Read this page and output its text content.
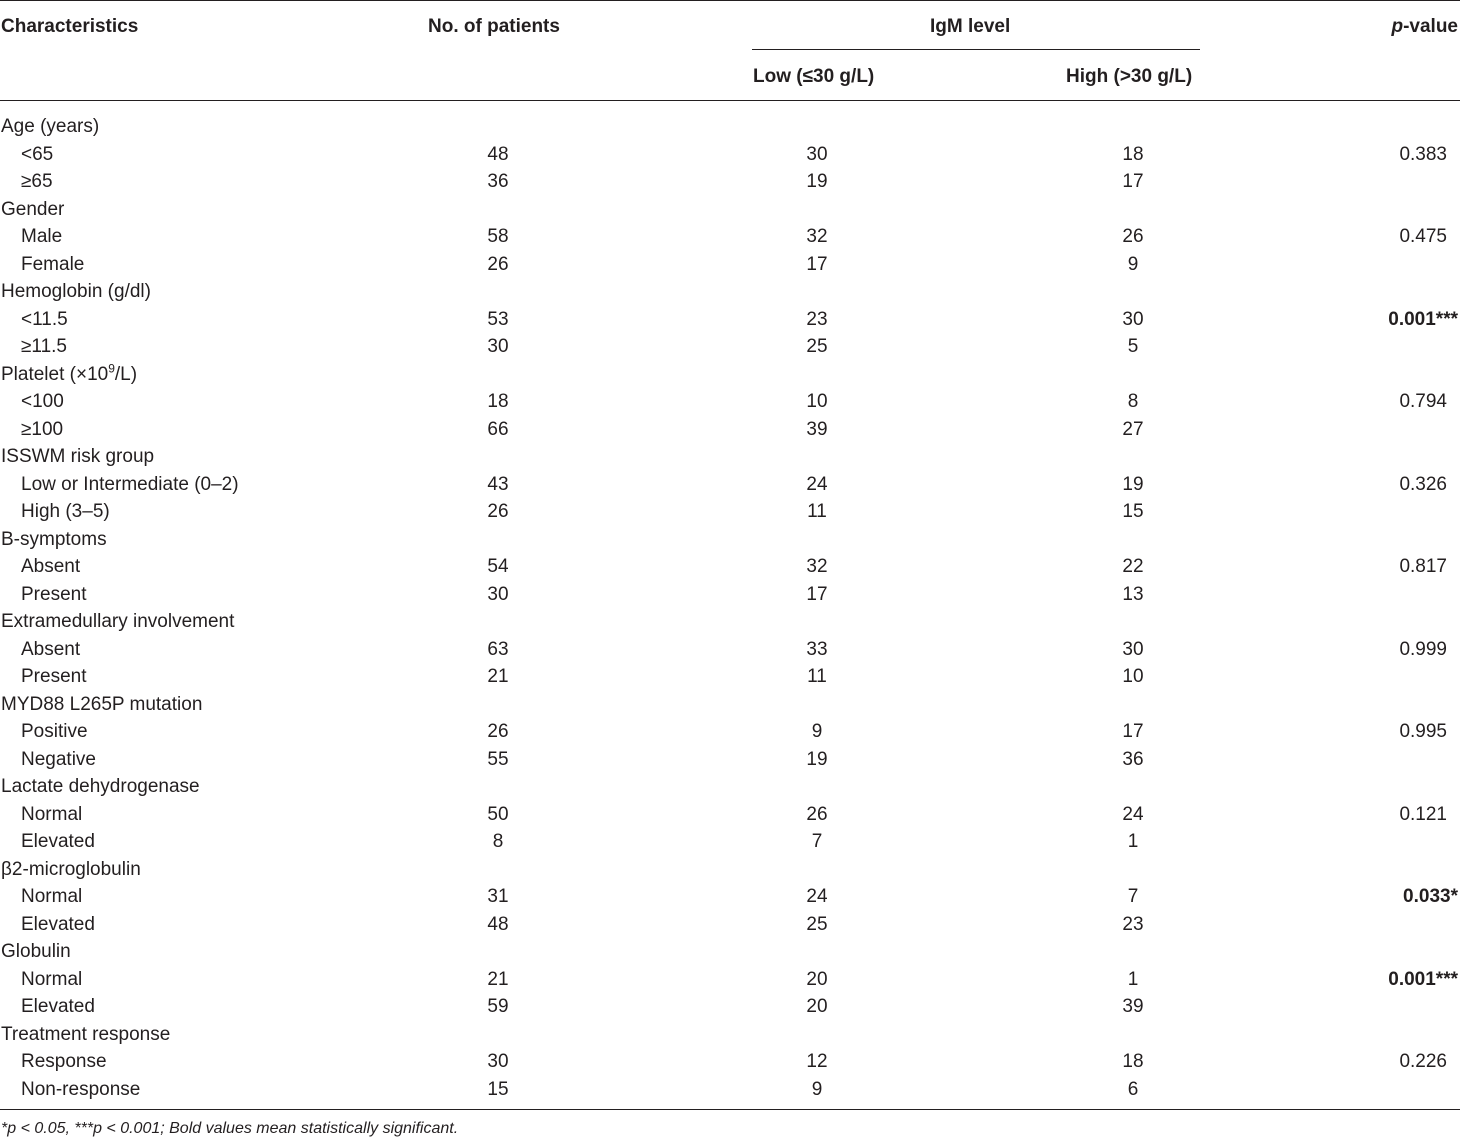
Characteristics	No. of patients	IgM level
Low (≤30 g/L)	High (>30 g/L)
p-value
Age (years)
<65	48	30	18	0.383
≥65	36	19	17
Gender
Male	58	32	26	0.475
Female	26	17	9
Hemoglobin (g/dl)
<11.5	53	23	30	0.001***
≥11.5	30	25	5
Platelet $(\times 10^9/L)$
<100	18	10	8	0.794
≥100	66	39	27
ISSWM risk group
Low or Intermediate (0–2)	43	24	19	0.326
High (3–5)	26	11	15
B-symptoms
Absent	54	32	22	0.817
Present	30	17	13
Extramedullary involvement
Absent	63	33	30	0.999
Present	21	11	10
MYD88 L265P mutation
Positive	26	9	17	0.995
Negative	55	19	36
Lactate dehydrogenase
Normal	50	26	24	0.121
Elevated	8	7	1
β2-microglobulin
Normal	31	24	7	0.033*
Elevated	48	25	23
Globulin
Normal	21	20	1	0.001***
Elevated	59	20	39
Treatment response
Response	30	12	18	0.226
Non-response	15	9	6
*p < 0.05, ***p < 0.001; Bold values mean statistically significant.
